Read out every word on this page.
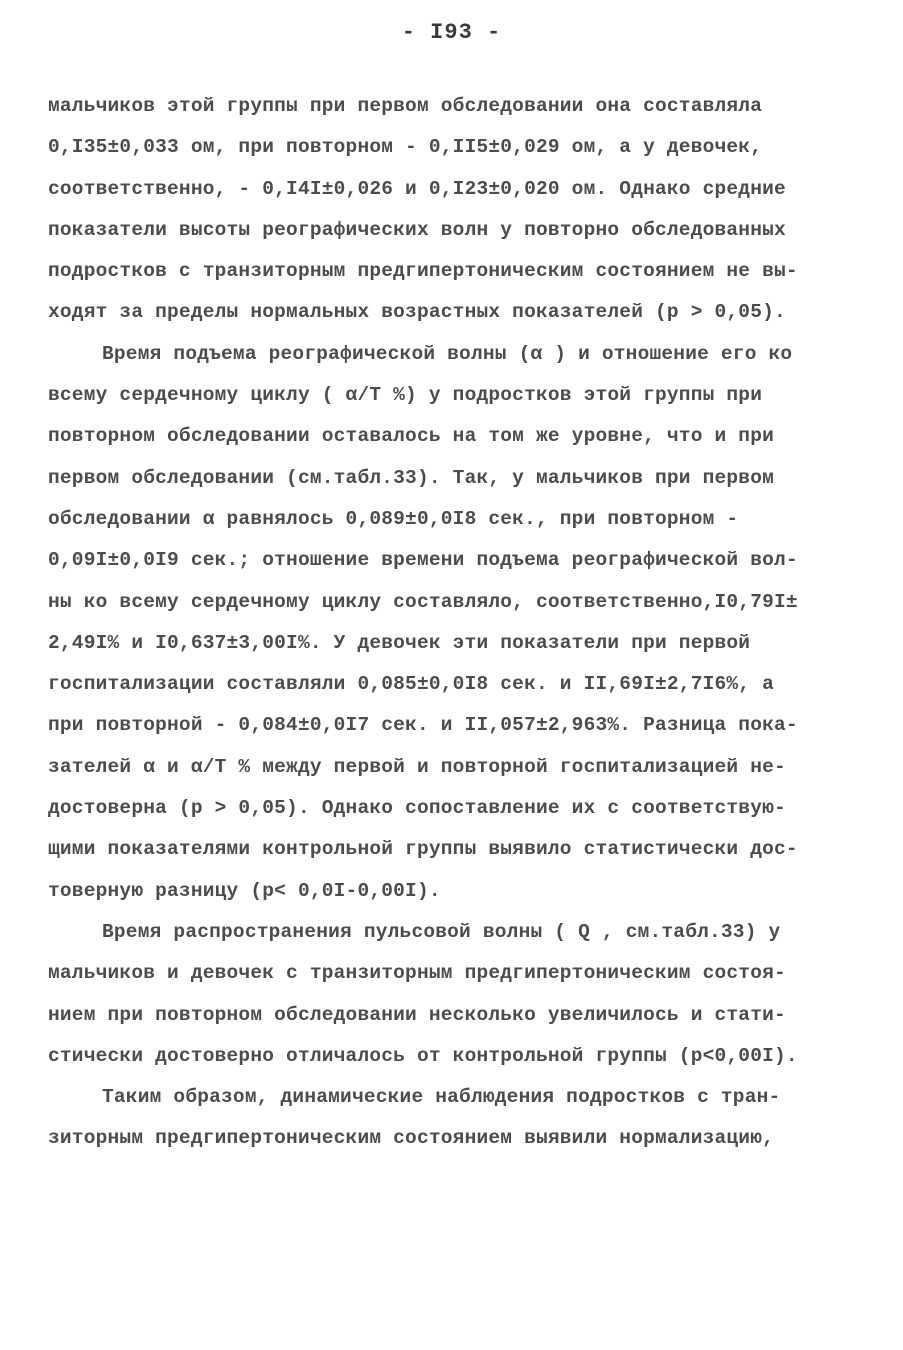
- I93 -
мальчиков этой группы при первом обследовании она составляла
0,I35±0,033 ом, при повторном - 0,II5±0,029 ом, а у девочек,
соответственно, - 0,I4I±0,026 и 0,I23±0,020 ом. Однако средние
показатели высоты реографических волн у повторно обследованных
подростков с транзиторным предгипертоническим состоянием не вы-
ходят за пределы нормальных возрастных показателей (р > 0,05).
Время подъема реографической волны (α ) и отношение его ко
всему сердечному циклу ( α/T %) у подростков этой группы при
повторном обследовании оставалось на том же уровне, что и при
первом обследовании (см.табл.33). Так, у мальчиков при первом
обследовании α равнялось 0,089±0,0I8 сек., при повторном -
0,09I±0,0I9 сек.; отношение времени подъема реографической вол-
ны ко всему сердечному циклу составляло, соответственно,I0,79I±
2,49I% и I0,637±3,00I%. У девочек эти показатели при первой
госпитализации составляли 0,085±0,0I8 сек. и II,69I±2,7I6%, а
при повторной - 0,084±0,0I7 сек. и II,057±2,963%. Разница пока-
зателей α и α/T % между первой и повторной госпитализацией не-
достоверна (р > 0,05). Однако сопоставление их с соответствую-
щими показателями контрольной группы выявило статистически дос-
товерную разницу (р< 0,0I-0,00I).
Время распространения пульсовой волны ( Q , см.табл.33) у
мальчиков и девочек с транзиторным предгипертоническим состоя-
нием при повторном обследовании несколько увеличилось и стати-
стически достоверно отличалось от контрольной группы (р<0,00I).
Таким образом, динамические наблюдения подростков с тран-
зиторным предгипертоническим состоянием выявили нормализацию,
